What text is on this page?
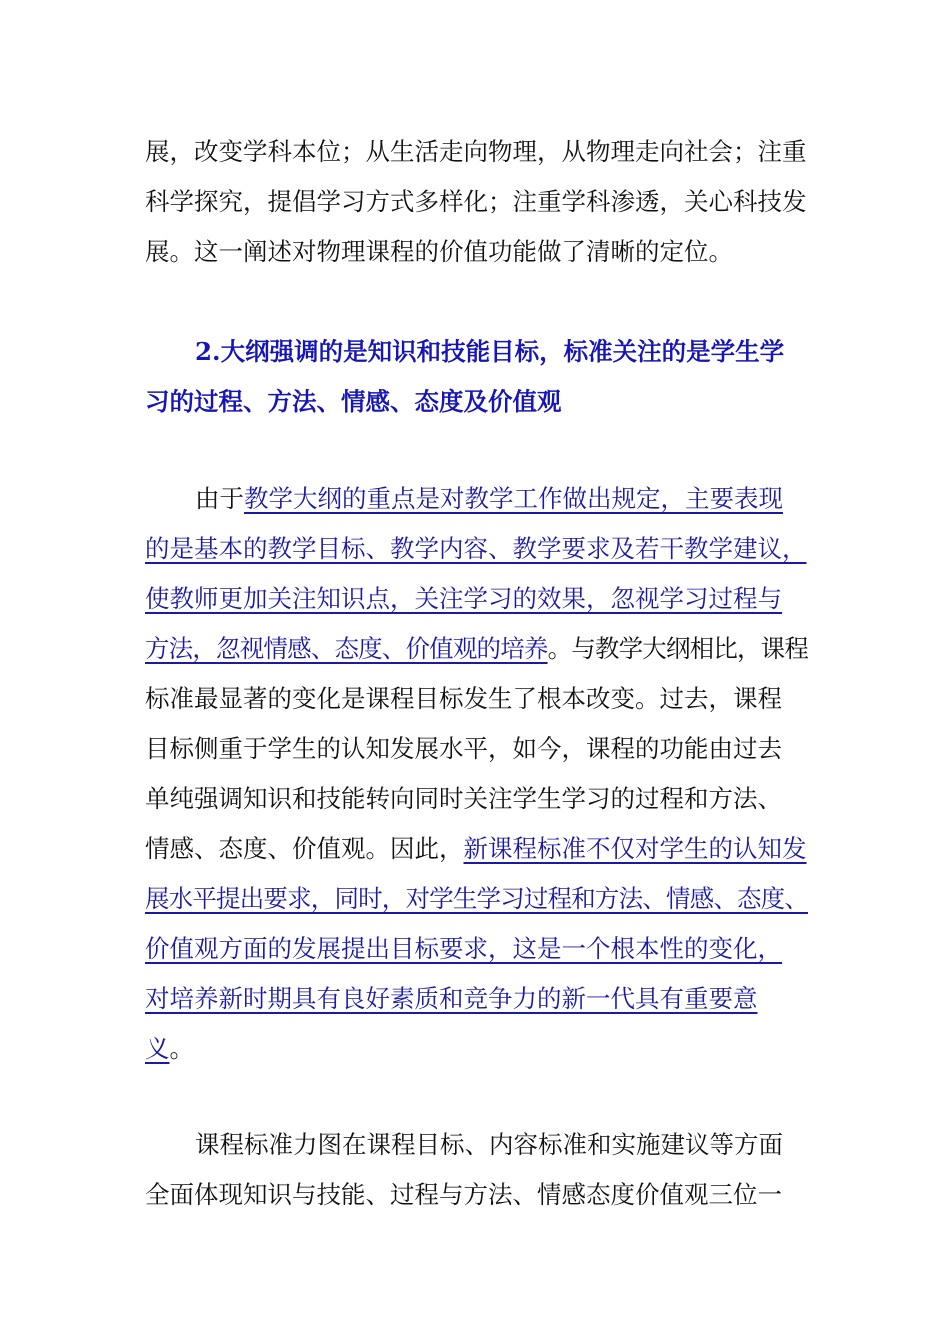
展，改变学科本位；从生活走向物理，从物理走向社会；注重
科学探究，提倡学习方式多样化；注重学科渗透，关心科技发
展。这一阐述对物理课程的价值功能做了清晰的定位。
2.大纲强调的是知识和技能目标，标准关注的是学生学
习的过程、方法、情感、态度及价值观
由于教学大纲的重点是对教学工作做出规定，主要表现
的是基本的教学目标、教学内容、教学要求及若干教学建议，
使教师更加关注知识点，关注学习的效果，忽视学习过程与
方法，忽视情感、态度、价值观的培养。与教学大纲相比，课程
标准最显著的变化是课程目标发生了根本改变。过去，课程
目标侧重于学生的认知发展水平，如今，课程的功能由过去
单纯强调知识和技能转向同时关注学生学习的过程和方法、
情感、态度、价值观。因此，新课程标准不仅对学生的认知发
展水平提出要求，同时，对学生学习过程和方法、情感、态度、
价值观方面的发展提出目标要求，这是一个根本性的变化，
对培养新时期具有良好素质和竞争力的新一代具有重要意
义。
课程标准力图在课程目标、内容标准和实施建议等方面
全面体现知识与技能、过程与方法、情感态度价值观三位一
